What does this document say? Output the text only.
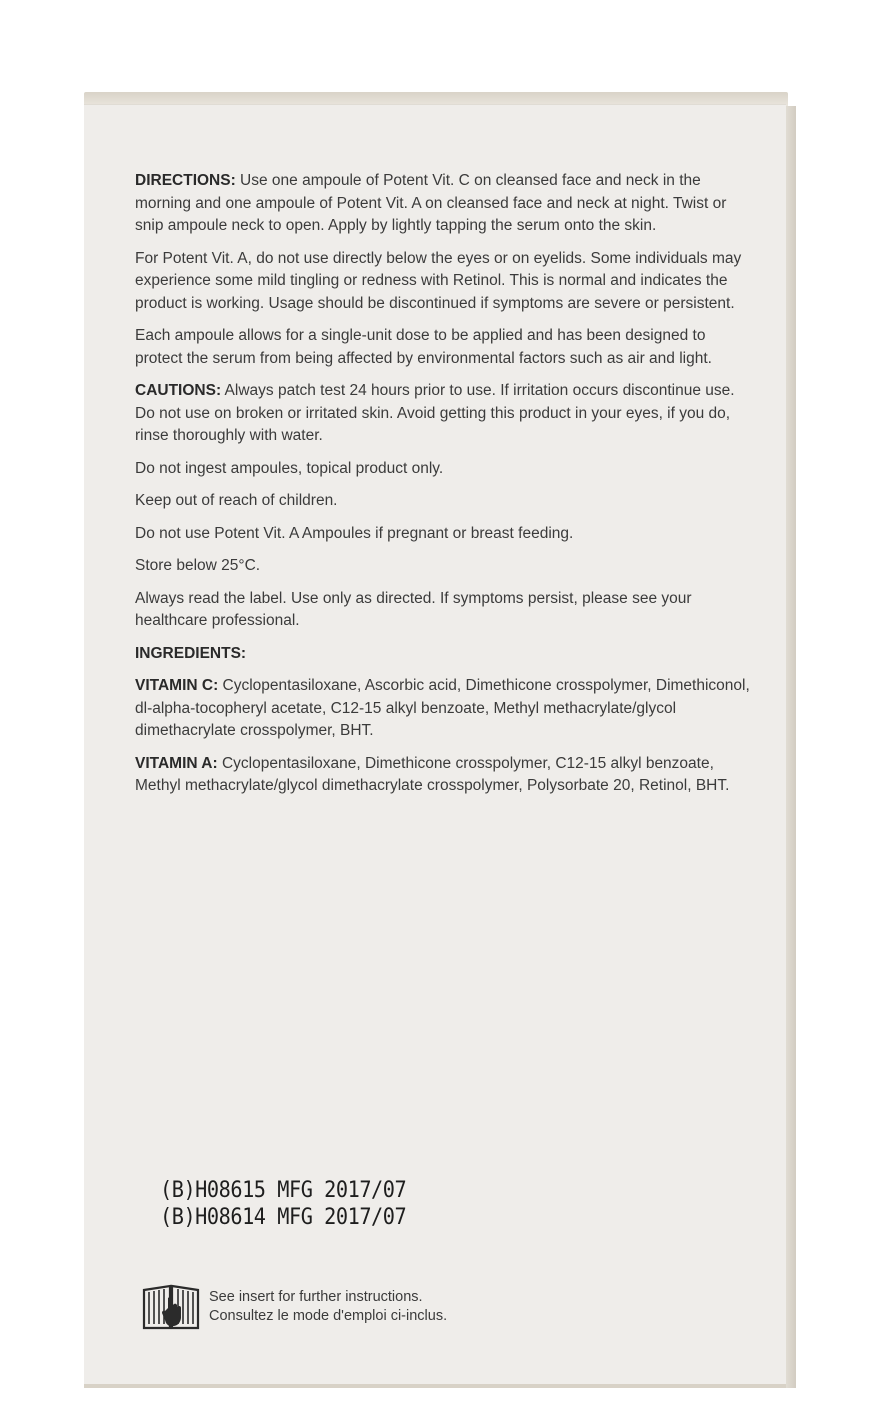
DIRECTIONS: Use one ampoule of Potent Vit. C on cleansed face and neck in the morning and one ampoule of Potent Vit. A on cleansed face and neck at night. Twist or snip ampoule neck to open. Apply by lightly tapping the serum onto the skin.

For Potent Vit. A, do not use directly below the eyes or on eyelids. Some individuals may experience some mild tingling or redness with Retinol. This is normal and indicates the product is working. Usage should be discontinued if symptoms are severe or persistent.

Each ampoule allows for a single-unit dose to be applied and has been designed to protect the serum from being affected by environmental factors such as air and light.

CAUTIONS: Always patch test 24 hours prior to use. If irritation occurs discontinue use. Do not use on broken or irritated skin. Avoid getting this product in your eyes, if you do, rinse thoroughly with water.

Do not ingest ampoules, topical product only.

Keep out of reach of children.

Do not use Potent Vit. A Ampoules if pregnant or breast feeding.

Store below 25°C.

Always read the label. Use only as directed. If symptoms persist, please see your healthcare professional.

INGREDIENTS:

VITAMIN C: Cyclopentasiloxane, Ascorbic acid, Dimethicone crosspolymer, Dimethiconol, dl-alpha-tocopheryl acetate, C12-15 alkyl benzoate, Methyl methacrylate/glycol dimethacrylate crosspolymer, BHT.

VITAMIN A: Cyclopentasiloxane, Dimethicone crosspolymer, C12-15 alkyl benzoate, Methyl methacrylate/glycol dimethacrylate crosspolymer, Polysorbate 20, Retinol, BHT.

(B)H08615 MFG 2017/07
(B)H08614 MFG 2017/07
See insert for further instructions.
Consultez le mode d'emploi ci-inclus.
